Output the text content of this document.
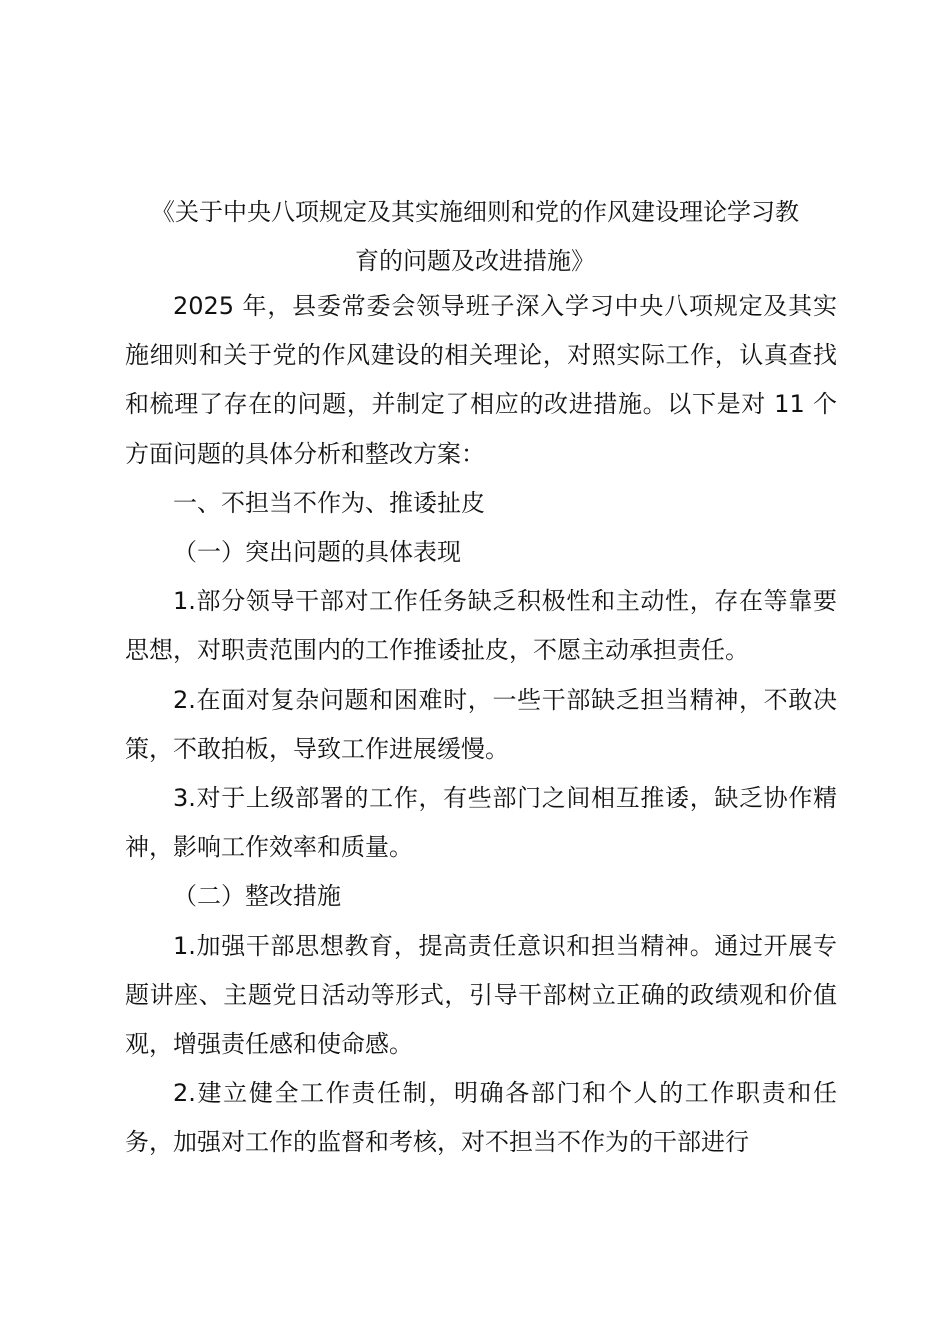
《关于中央八项规定及其实施细则和党的作风建设理论学习教
育的问题及改进措施》

2025 年，县委常委会领导班子深入学习中央八项规定及其实施细则和关于党的作风建设的相关理论，对照实际工作，认真查找和梳理了存在的问题，并制定了相应的改进措施。以下是对 11 个方面问题的具体分析和整改方案：

一、不担当不作为、推诿扯皮

（一）突出问题的具体表现

1.部分领导干部对工作任务缺乏积极性和主动性，存在等靠要思想，对职责范围内的工作推诿扯皮，不愿主动承担责任。

2.在面对复杂问题和困难时，一些干部缺乏担当精神，不敢决策，不敢拍板，导致工作进展缓慢。

3.对于上级部署的工作，有些部门之间相互推诿，缺乏协作精神，影响工作效率和质量。

（二）整改措施

1.加强干部思想教育，提高责任意识和担当精神。通过开展专题讲座、主题党日活动等形式，引导干部树立正确的政绩观和价值观，增强责任感和使命感。

2.建立健全工作责任制，明确各部门和个人的工作职责和任务，加强对工作的监督和考核，对不担当不作为的干部进行
